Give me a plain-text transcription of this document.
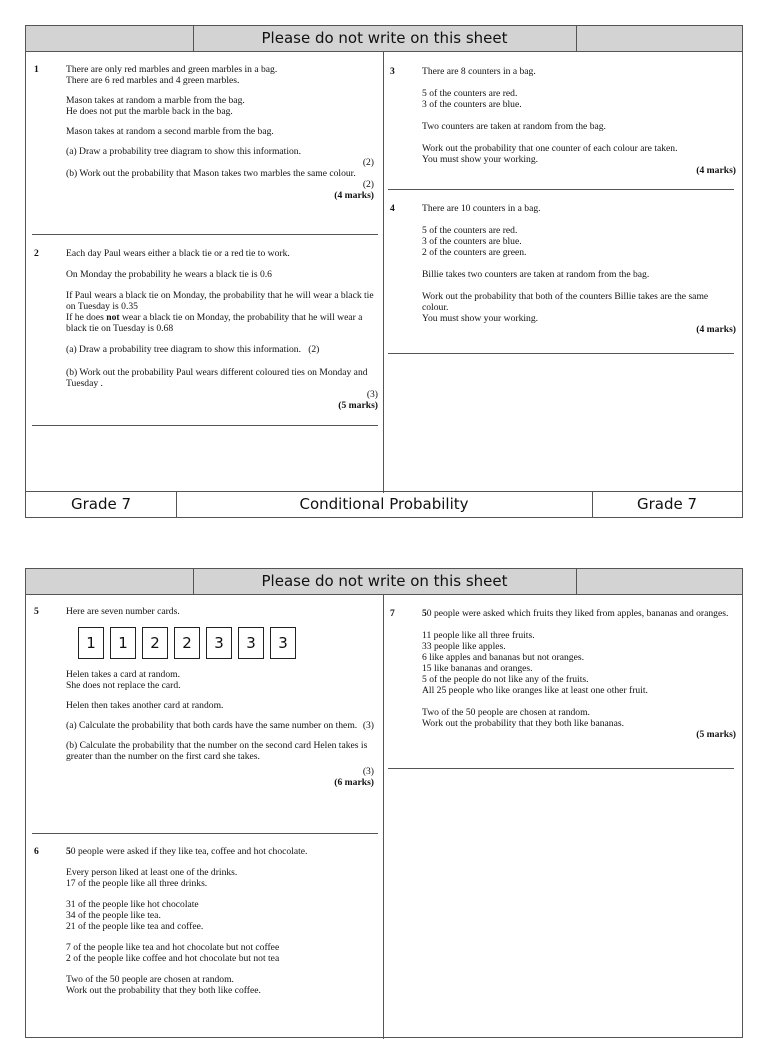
Please do not write on this sheet
1	There are only red marbles and green marbles in a bag.
There are 6 red marbles and 4 green marbles.

Mason takes at random a marble from the bag.
He does not put the marble back in the bag.

Mason takes at random a second marble from the bag.

(a) Draw a probability tree diagram to show this information.

(2)

(b) Work out the probability that Mason takes two marbles the same colour.

(2)
(4 marks)
2	Each day Paul wears either a black tie or a red tie to work.

On Monday the probability he wears a black tie is 0.6

If Paul wears a black tie on Monday, the probability that he will wear a black tie on Tuesday is 0.35

If he does not wear a black tie on Monday, the probability that he will wear a black tie on Tuesday is 0.68

(a) Draw a probability tree diagram to show this information. (2)

(b) Work out the probability Paul wears different coloured ties on Monday and Tuesday .

(3)
(5 marks)
3	There are 8 counters in a bag.

5 of the counters are red.
3 of the counters are blue.

Two counters are taken at random from the bag.

Work out the probability that one counter of each colour are taken.
You must show your working.

(4 marks)
4	There are 10 counters in a bag.

5 of the counters are red.
3 of the counters are blue.
2 of the counters are green.

Billie takes two counters are taken at random from the bag.

Work out the probability that both of the counters Billie takes are the same colour.
You must show your working.

(4 marks)
Grade 7	Conditional Probability	Grade 7
Please do not write on this sheet
5	Here are seven number cards.

1	1	2	2	3	3	3

Helen takes a card at random.
She does not replace the card.

Helen then takes another card at random.

(a) Calculate the probability that both cards have the same number on them. (3)

(b) Calculate the probability that the number on the second card Helen takes is greater than the number on the first card she takes.

(3)
(6 marks)
6	50 people were asked if they like tea, coffee and hot chocolate.

Every person liked at least one of the drinks.
17 of the people like all three drinks.

31 of the people like hot chocolate
34 of the people like tea.
21 of the people like tea and coffee.

7 of the people like tea and hot chocolate but not coffee
2 of the people like coffee and hot chocolate but not tea

Two of the 50 people are chosen at random.
Work out the probability that they both like coffee.

7	50 people were asked which fruits they liked from apples, bananas and oranges.

11 people like all three fruits.
33 people like apples.
6 like apples and bananas but not oranges.
15 like bananas and oranges.
5 of the people do not like any of the fruits.
All 25 people who like oranges like at least one other fruit.

Two of the 50 people are chosen at random.
Work out the probability that they both like bananas.

(5 marks)
